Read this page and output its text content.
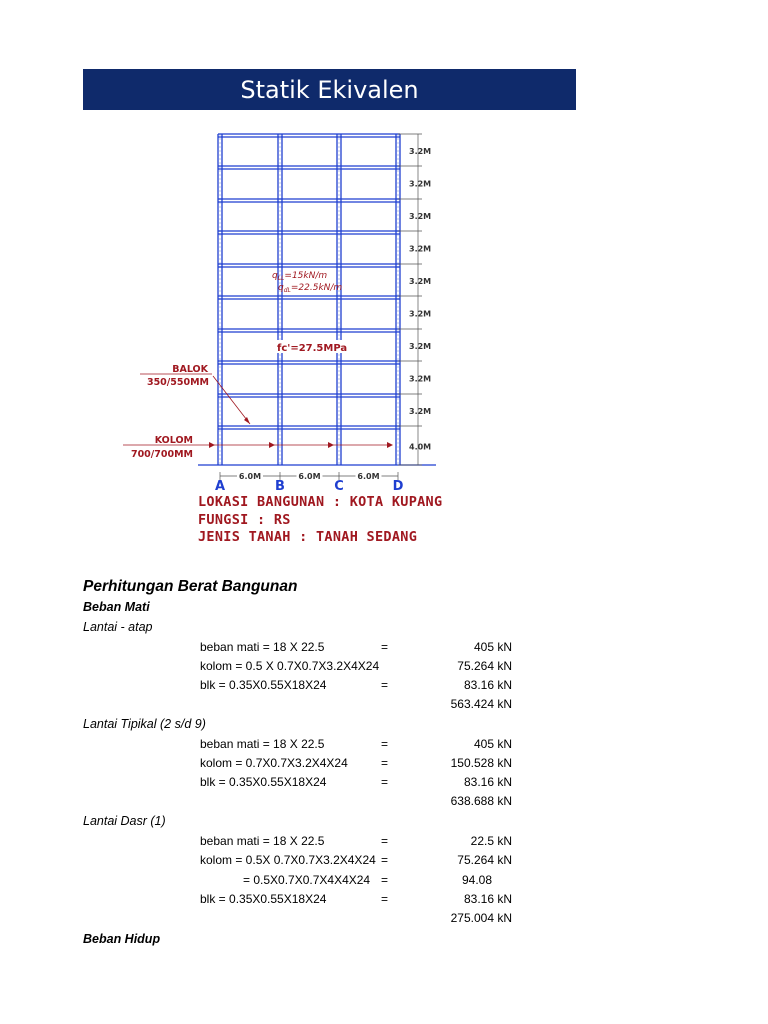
Statik Ekivalen
3.2M
3.2M
3.2M
3.2M
3.2M
3.2M
3.2M
3.2M
3.2M
4.0M
6.0M	6.0M	6.0M
A	B	C	D
$q_{LL}=15kN/m$
$q_{dL}=22.5kN/m$
fc'=27.5MPa
BALOK
350/550MM
KOLOM
700/700MM
LOKASI BANGUNAN : KOTA KUPANG
FUNGSI : RS
JENIS TANAH : TANAH SEDANG
Perhitungan Berat Bangunan
Beban Mati
Lantai - atap
beban mati = 18 X 22.5	=	405 kN
kolom = 0.5 X 0.7X0.7X3.2X4X24	75.264 kN
blk = 0.35X0.55X18X24	=	83.16 kN
563.424 kN
Lantai Tipikal (2 s/d 9)
beban mati = 18 X 22.5	=	405 kN
kolom = 0.7X0.7X3.2X4X24	=	150.528 kN
blk = 0.35X0.55X18X24	=	83.16 kN
638.688 kN
Lantai Dasr (1)
beban mati = 18 X 22.5	=	22.5 kN
kolom = 0.5X 0.7X0.7X3.2X4X24 =	75.264 kN
= 0.5X0.7X0.7X4X4X24 =	94.08
blk = 0.35X0.55X18X24	=	83.16 kN
275.004 kN
Beban Hidup
